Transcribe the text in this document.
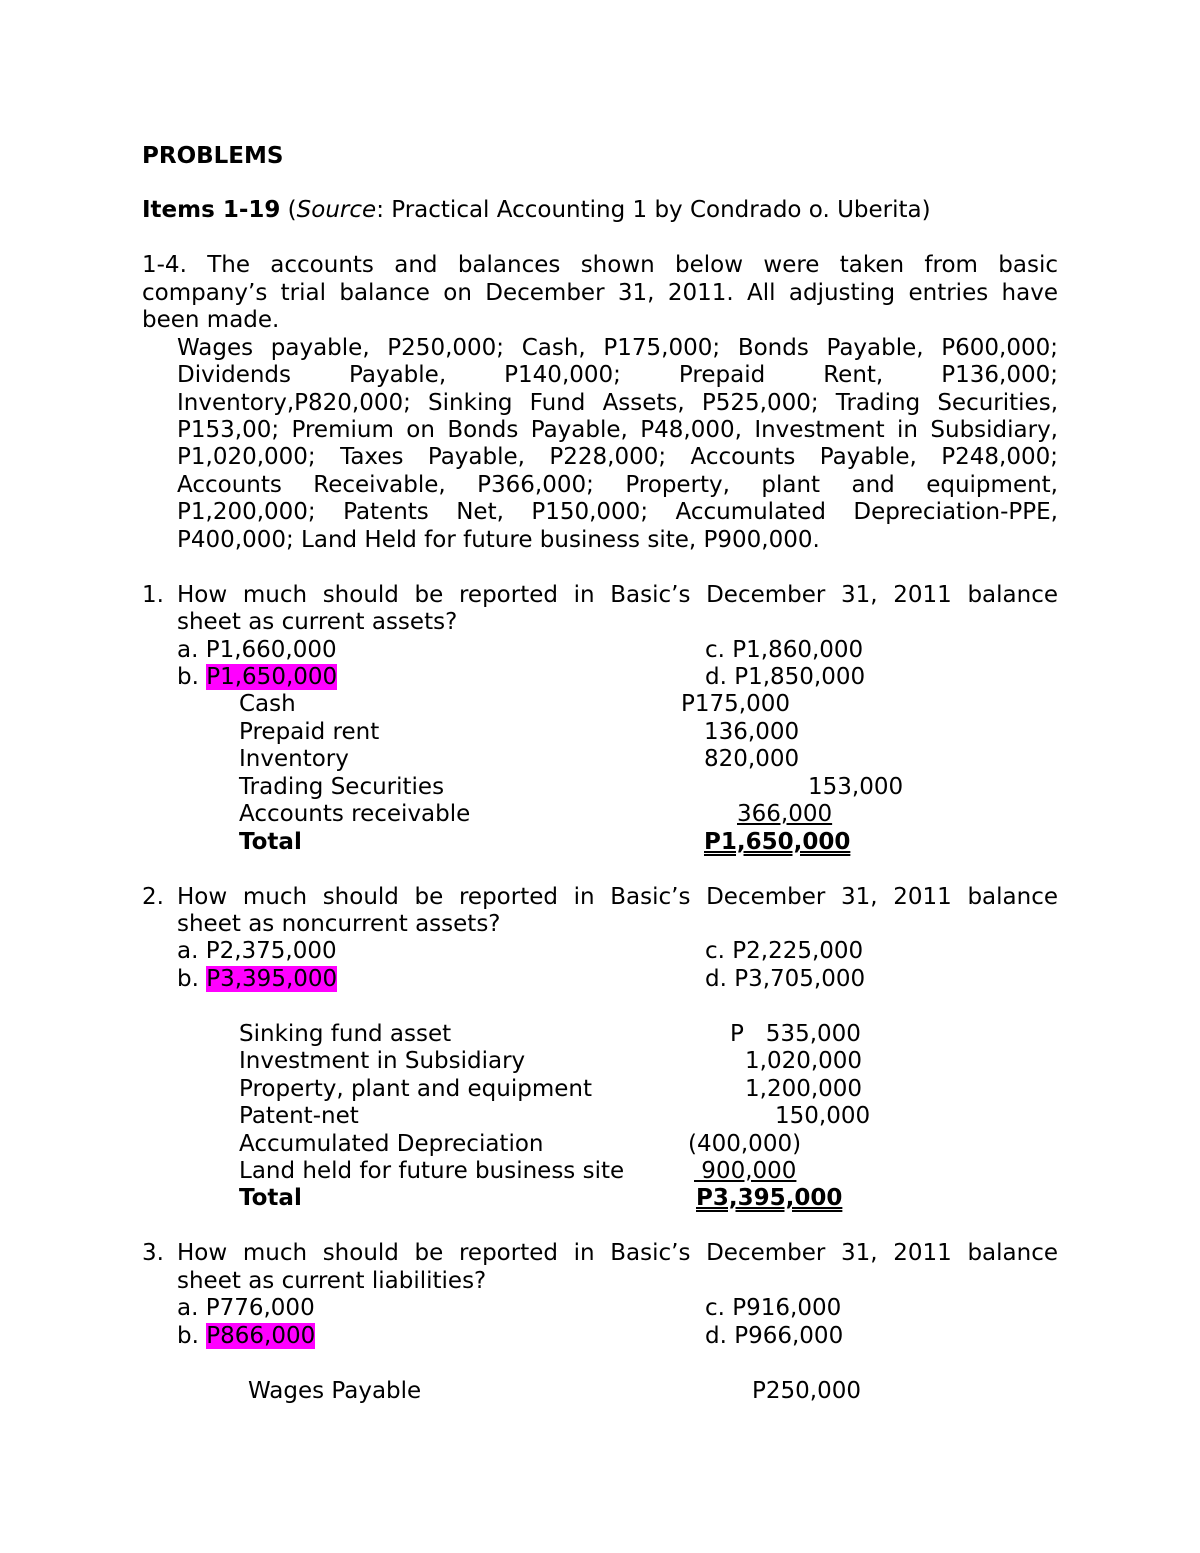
PROBLEMS
Items 1-19 (Source: Practical Accounting 1 by Condrado o. Uberita)
1-4. The accounts and balances shown below were taken from basic
company’s trial balance on December 31, 2011. All adjusting entries have
been made.
Wages payable, P250,000; Cash, P175,000; Bonds Payable, P600,000;
Dividends Payable, P140,000; Prepaid Rent, P136,000;
Inventory,P820,000; Sinking Fund Assets, P525,000; Trading Securities,
P153,00; Premium on Bonds Payable, P48,000, Investment in Subsidiary,
P1,020,000; Taxes Payable, P228,000; Accounts Payable, P248,000;
Accounts Receivable, P366,000; Property, plant and equipment,
P1,200,000; Patents Net, P150,000; Accumulated Depreciation-PPE,
P400,000; Land Held for future business site, P900,000.
1. How much should be reported in Basic’s December 31, 2011 balance
sheet as current assets?
a. P1,660,000	c. P1,860,000
b. P1,650,000	d. P1,850,000
Cash	P175,000
Prepaid rent	136,000
Inventory	820,000
Trading Securities	153,000
Accounts receivable	366,000
Total	P1,650,000
2. How much should be reported in Basic’s December 31, 2011 balance
sheet as noncurrent assets?
a. P2,375,000	c. P2,225,000
b. P3,395,000	d. P3,705,000
Sinking fund asset	P   535,000
Investment in Subsidiary	1,020,000
Property, plant and equipment	1,200,000
Patent-net	150,000
Accumulated Depreciation	(400,000)
Land held for future business site	900,000
Total	P3,395,000
3. How much should be reported in Basic’s December 31, 2011 balance
sheet as current liabilities?
a. P776,000	c. P916,000
b. P866,000	d. P966,000
Wages Payable	P250,000
